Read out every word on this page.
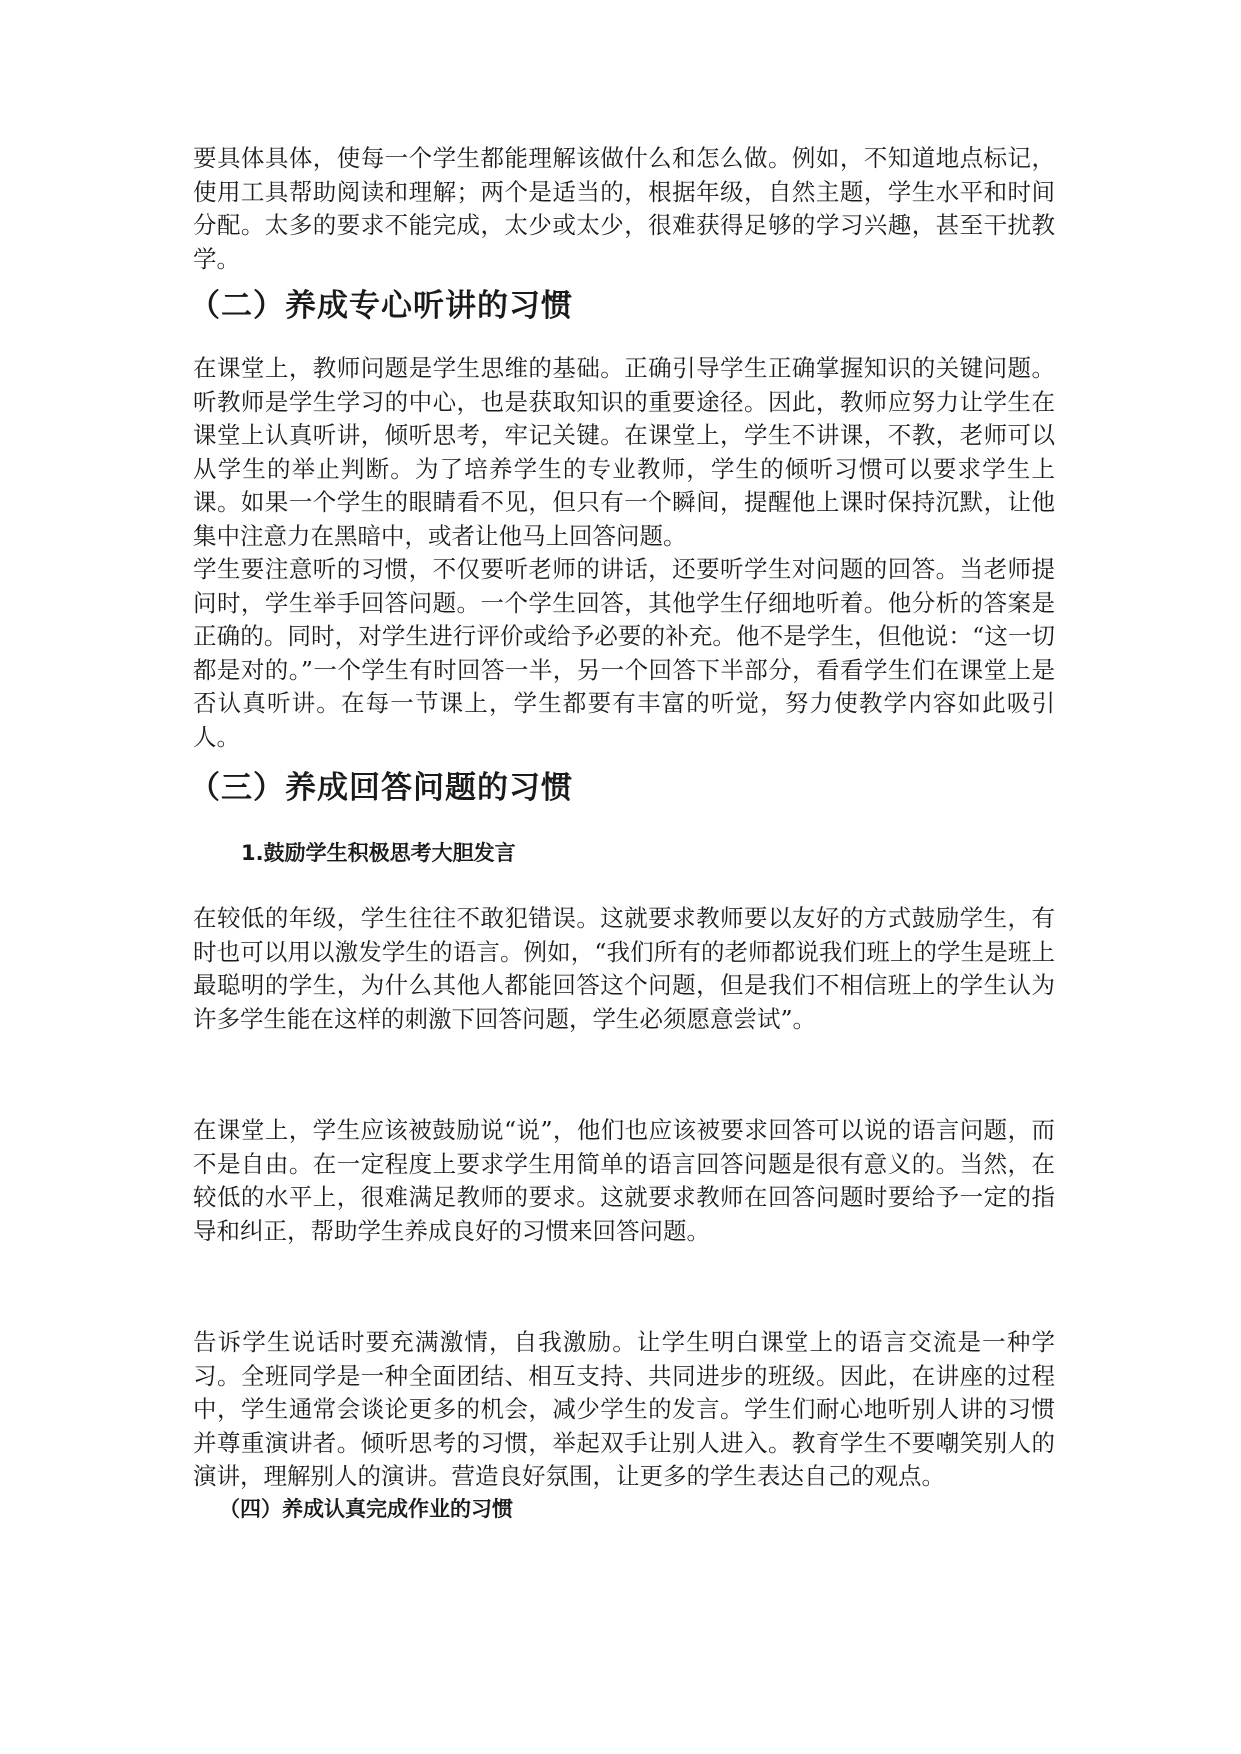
要具体具体，使每一个学生都能理解该做什么和怎么做。例如，不知道地点标记，使用工具帮助阅读和理解；两个是适当的，根据年级，自然主题，学生水平和时间分配。太多的要求不能完成，太少或太少，很难获得足够的学习兴趣，甚至干扰教学。

（二）养成专心听讲的习惯

在课堂上，教师问题是学生思维的基础。正确引导学生正确掌握知识的关键问题。听教师是学生学习的中心，也是获取知识的重要途径。因此，教师应努力让学生在课堂上认真听讲，倾听思考，牢记关键。在课堂上，学生不讲课，不教，老师可以从学生的举止判断。为了培养学生的专业教师，学生的倾听习惯可以要求学生上课。如果一个学生的眼睛看不见，但只有一个瞬间，提醒他上课时保持沉默，让他集中注意力在黑暗中，或者让他马上回答问题。

学生要注意听的习惯，不仅要听老师的讲话，还要听学生对问题的回答。当老师提问时，学生举手回答问题。一个学生回答，其他学生仔细地听着。他分析的答案是正确的。同时，对学生进行评价或给予必要的补充。他不是学生，但他说：“这一切都是对的。”一个学生有时回答一半，另一个回答下半部分，看看学生们在课堂上是否认真听讲。在每一节课上，学生都要有丰富的听觉，努力使教学内容如此吸引人。

（三）养成回答问题的习惯
1.鼓励学生积极思考大胆发言

在较低的年级，学生往往不敢犯错误。这就要求教师要以友好的方式鼓励学生，有时也可以用以激发学生的语言。例如，“我们所有的老师都说我们班上的学生是班上最聪明的学生，为什么其他人都能回答这个问题，但是我们不相信班上的学生认为许多学生能在这样的刺激下回答问题，学生必须愿意尝试”。

在课堂上，学生应该被鼓励说“说”，他们也应该被要求回答可以说的语言问题，而不是自由。在一定程度上要求学生用简单的语言回答问题是很有意义的。当然，在较低的水平上，很难满足教师的要求。这就要求教师在回答问题时要给予一定的指导和纠正，帮助学生养成良好的习惯来回答问题。

告诉学生说话时要充满激情，自我激励。让学生明白课堂上的语言交流是一种学习。全班同学是一种全面团结、相互支持、共同进步的班级。因此，在讲座的过程中，学生通常会谈论更多的机会，减少学生的发言。学生们耐心地听别人讲的习惯并尊重演讲者。倾听思考的习惯，举起双手让别人进入。教育学生不要嘲笑别人的演讲，理解别人的演讲。营造良好氛围，让更多的学生表达自己的观点。

（四）养成认真完成作业的习惯
